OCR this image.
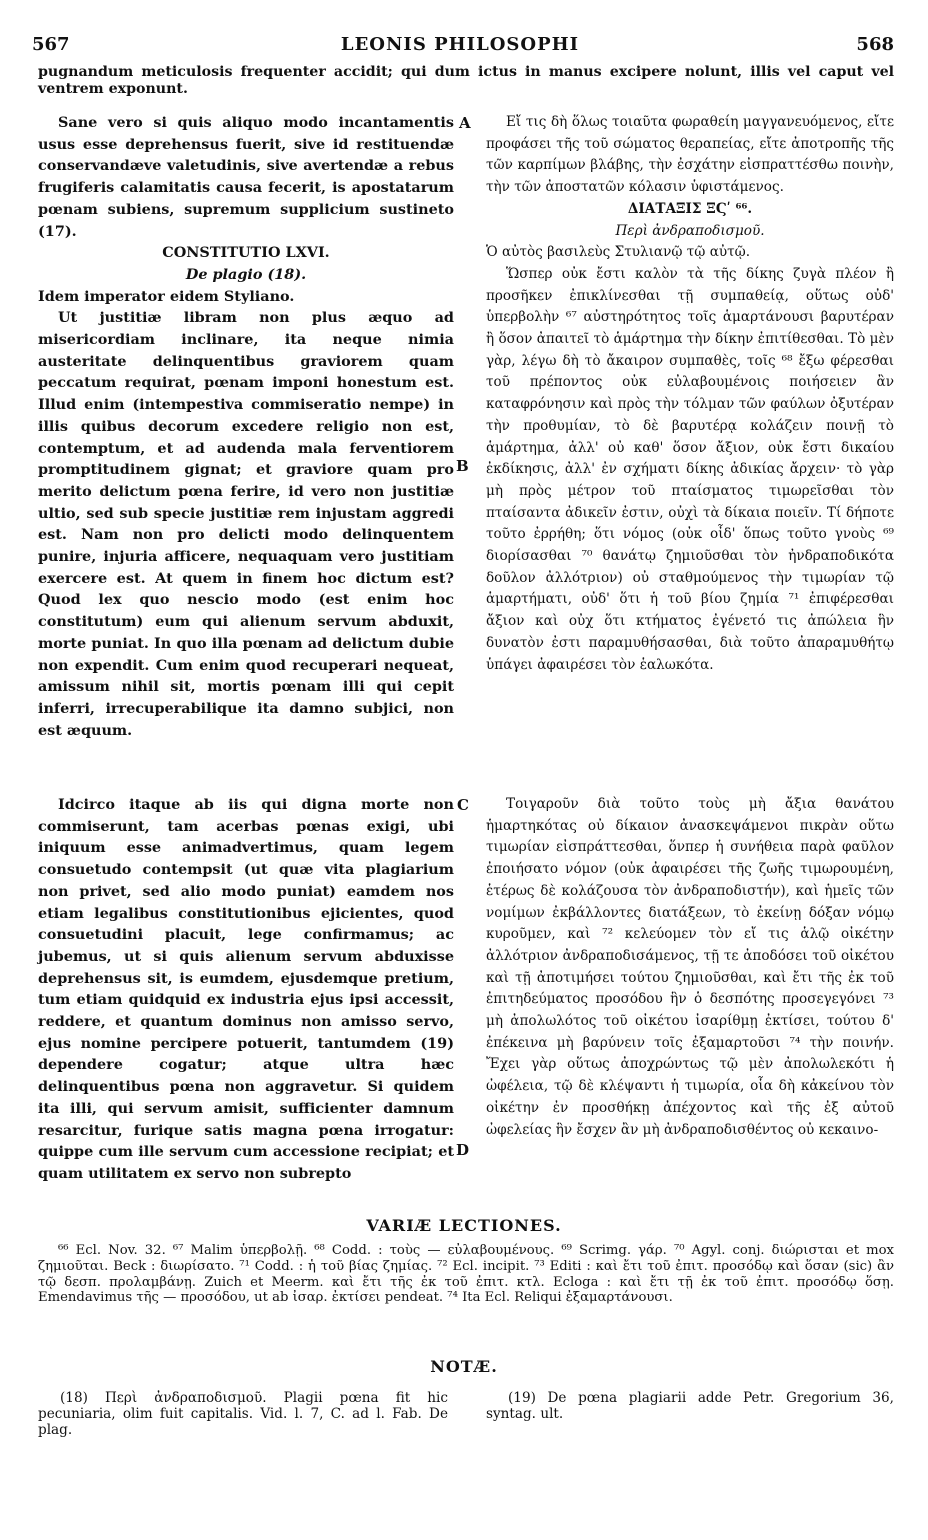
567	LEONIS PHILOSOPHI	568
pugnandum meticulosis frequenter accidit; qui dum ictus in manus excipere nolunt, illis vel caput vel ventrem exponunt.

Sane vero si quis aliquo modo incantamentis usus esse deprehensus fuerit, sive id restituendæ conservandæve valetudinis, sive avertendæ a rebus frugiferis calamitatis causa fecerit, is apostatarum pœnam subiens, supremum supplicium sustineto (17).

CONSTITUTIO LXVI.

De plagio (18).

Idem imperator eidem Styliano.

Ut justitiæ libram non plus æquo ad misericordiam inclinare, ita neque nimia austeritate delinquentibus graviorem quam peccatum requirat, pœnam imponi honestum est. Illud enim (intempestiva commiseratio nempe) in illis quibus decorum excedere religio non est, contemptum, et ad audenda mala ferventiorem promptitudinem gignat; et graviore quam pro merito delictum pœna ferire, id vero non justitiæ ultio, sed sub specie justitiæ rem injustam aggredi est. Nam non pro delicti modo delinquentem punire, injuria afficere, nequaquam vero justitiam exercere est. At quem in finem hoc dictum est? Quod lex quo nescio modo (est enim hoc constitutum) eum qui alienum servum abduxit, morte puniat. In quo illa pœnam ad delictum dubie non expendit. Cum enim quod recuperari nequeat, amissum nihil sit, mortis pœnam illi qui cepit inferri, irrecuperabilique ita damno subjici, non est æquum.

Idcirco itaque ab iis qui digna morte non commiserunt, tam acerbas pœnas exigi, ubi iniquum esse animadvertimus, quam legem consuetudo contempsit (ut quæ vita plagiarium non privet, sed alio modo puniat) eamdem nos etiam legalibus constitutionibus ejicientes, quod consuetudini placuit, lege confirmamus; ac jubemus, ut si quis alienum servum abduxisse deprehensus sit, is eumdem, ejusdemque pretium, tum etiam quidquid ex industria ejus ipsi accessit, reddere, et quantum dominus non amisso servo, ejus nomine percipere potuerit, tantumdem (19) dependere cogatur; atque ultra hæc delinquentibus pœna non aggravetur. Si quidem ita illi, qui servum amisit, sufficienter damnum resarcitur, furique satis magna pœna irrogatur: quippe cum ille servum cum accessione recipiat; et quam utilitatem ex servo non subrepto

Εἴ τις δὴ ὅλως τοιαῦτα φωραθείη μαγγανευόμενος, εἴτε προφάσει τῆς τοῦ σώματος θεραπείας, εἴτε ἀποτροπῆς τῆς τῶν καρπίμων βλάβης, τὴν ἐσχάτην εἰσπραττέσθω ποινὴν, τὴν τῶν ἀποστατῶν κόλασιν ὑφιστάμενος.

ΔΙΑΤΑΞΙΣ ΞϚʹ ⁶⁶.

Περὶ ἀνδραποδισμοῦ.

Ὁ αὐτὸς βασιλεὺς Στυλιανῷ τῷ αὐτῷ.

Ὥσπερ οὐκ ἔστι καλὸν τὰ τῆς δίκης ζυγὰ πλέον ἢ προσῆκεν ἐπικλίνεσθαι τῇ συμπαθείᾳ, οὕτως οὐδ' ὑπερβολὴν ⁶⁷ αὐστηρότητος τοῖς ἁμαρτάνουσι βαρυτέραν ἢ ὅσον ἀπαιτεῖ τὸ ἁμάρτημα τὴν δίκην ἐπιτίθεσθαι. Τὸ μὲν γὰρ, λέγω δὴ τὸ ἄκαιρον συμπαθὲς, τοῖς ⁶⁸ ἔξω φέρεσθαι τοῦ πρέποντος οὐκ εὐλαβουμένοις ποιήσειεν ἂν καταφρόνησιν καὶ πρὸς τὴν τόλμαν τῶν φαύλων ὀξυτέραν τὴν προθυμίαν, τὸ δὲ βαρυτέρᾳ κολάζειν ποινῇ τὸ ἁμάρτημα, ἀλλ' οὐ καθ' ὅσον ἄξιον, οὐκ ἔστι δικαίου ἐκδίκησις, ἀλλ' ἐν σχήματι δίκης ἀδικίας ἄρχειν· τὸ γὰρ μὴ πρὸς μέτρον τοῦ πταίσματος τιμωρεῖσθαι τὸν πταίσαντα ἀδικεῖν ἐστιν, οὐχὶ τὰ δίκαια ποιεῖν. Τί δήποτε τοῦτο ἐρρήθη; ὅτι νόμος (οὐκ οἶδ' ὅπως τοῦτο γνοὺς ⁶⁹ διορίσασθαι ⁷⁰ θανάτῳ ζημιοῦσθαι τὸν ἠνδραποδικότα δοῦλον ἀλλότριον) οὐ σταθμούμενος τὴν τιμωρίαν τῷ ἁμαρτήματι, οὐδ' ὅτι ἡ τοῦ βίου ζημία ⁷¹ ἐπιφέρεσθαι ἄξιον καὶ οὐχ ὅτι κτήματος ἐγένετό τις ἀπώλεια ἣν δυνατὸν ἐστι παραμυθήσασθαι, διὰ τοῦτο ἀπαραμυθήτῳ ὑπάγει ἀφαιρέσει τὸν ἑαλωκότα.

Τοιγαροῦν διὰ τοῦτο τοὺς μὴ ἄξια θανάτου ἡμαρτηκότας οὐ δίκαιον ἀνασκεψάμενοι πικρὰν οὕτω τιμωρίαν εἰσπράττεσθαι, ὅνπερ ἡ συνήθεια παρὰ φαῦλον ἐποιήσατο νόμον (οὐκ ἀφαιρέσει τῆς ζωῆς τιμωρουμένη, ἑτέρως δὲ κολάζουσα τὸν ἀνδραποδιστήν), καὶ ἡμεῖς τῶν νομίμων ἐκβάλλοντες διατάξεων, τὸ ἐκείνῃ δόξαν νόμῳ κυροῦμεν, καὶ ⁷² κελεύομεν τὸν εἴ τις ἁλῷ οἰκέτην ἀλλότριον ἀνδραποδισάμενος, τῇ τε ἀποδόσει τοῦ οἰκέτου καὶ τῇ ἀποτιμήσει τούτου ζημιοῦσθαι, καὶ ἔτι τῆς ἐκ τοῦ ἐπιτηδεύματος προσόδου ἣν ὁ δεσπότης προσεγεγόνει ⁷³ μὴ ἀπολωλότος τοῦ οἰκέτου ἰσαρίθμῃ ἐκτίσει, τούτου δ' ἐπέκεινα μὴ βαρύνειν τοῖς ἐξαμαρτοῦσι ⁷⁴ τὴν ποινήν. Ἔχει γὰρ οὕτως ἀποχρώντως τῷ μὲν ἀπολωλεκότι ἡ ὠφέλεια, τῷ δὲ κλέψαντι ἡ τιμωρία, οἷα δὴ κἀκείνου τὸν οἰκέτην ἐν προσθήκῃ ἀπέχοντος καὶ τῆς ἐξ αὐτοῦ ὠφελείας ἣν ἔσχεν ἂν μὴ ἀνδραποδισθέντος οὐ κεκαινο-

A
B
C
D
VARIÆ LECTIONES.

⁶⁶ Ecl. Nov. 32. ⁶⁷ Malim ὑπερβολῇ. ⁶⁸ Codd. : τοὺς — εὐλαβουμένους. ⁶⁹ Scrimg. γάρ. ⁷⁰ Agyl. conj. διώρισται et mox ζημιοῦται. Beck : διωρίσατο. ⁷¹ Codd. : ἡ τοῦ βίας ζημίας. ⁷² Ecl. incipit. ⁷³ Editi : καὶ ἔτι τοῦ ἐπιτ. προσόδῳ καὶ ὅσαν (sic) ἂν τῷ δεσπ. προλαμβάνῃ. Zuich et Meerm. καὶ ἔτι τῆς ἐκ τοῦ ἐπιτ. κτλ. Ecloga : καὶ ἔτι τῇ ἐκ τοῦ ἐπιτ. προσόδῳ ὅσῃ. Emendavimus τῆς — προσόδου, ut ab ἰσαρ. ἐκτίσει pendeat. ⁷⁴ Ita Ecl. Reliqui ἐξαμαρτάνουσι.

NOTÆ.

(18) Περὶ ἀνδραποδισμοῦ. Plagii pœna fit hic pecuniaria, olim fuit capitalis. Vid. l. 7, C. ad l. Fab. De plag.

(19) De pœna plagiarii adde Petr. Gregorium 36, syntag. ult.
